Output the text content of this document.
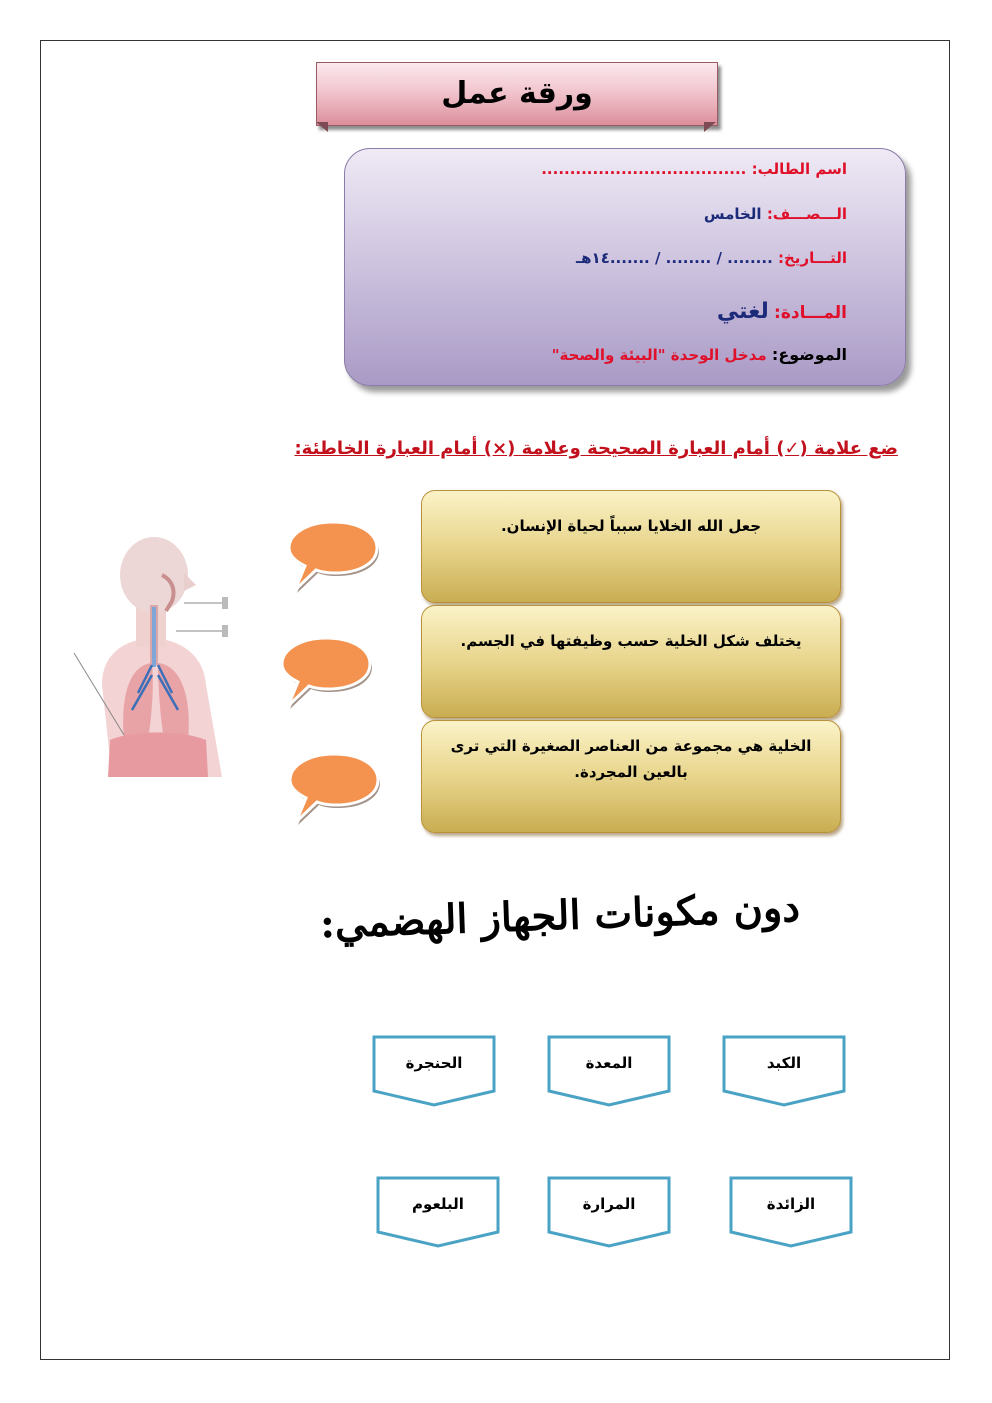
ورقة عمل
اسم الطالب: ....................................
الـــصـــف: الخامس
التـــاريخ: ........ / ........ / .......١٤هـ
المـــادة: لغتي
الموضوع: مدخل الوحدة "البيئة والصحة"
ضع علامة (✓) أمام العبارة الصحيحة وعلامة (×) أمام العبارة الخاطئة:
جعل الله الخلايا سبباً لحياة الإنسان.
يختلف شكل الخلية حسب وظيفتها في الجسم.
الخلية هي مجموعة من العناصر الصغيرة التي ترى بالعين المجردة.
دون مكونات الجهاز الهضمي:
الكبد
المعدة
الحنجرة
الزائدة
المرارة
البلعوم
